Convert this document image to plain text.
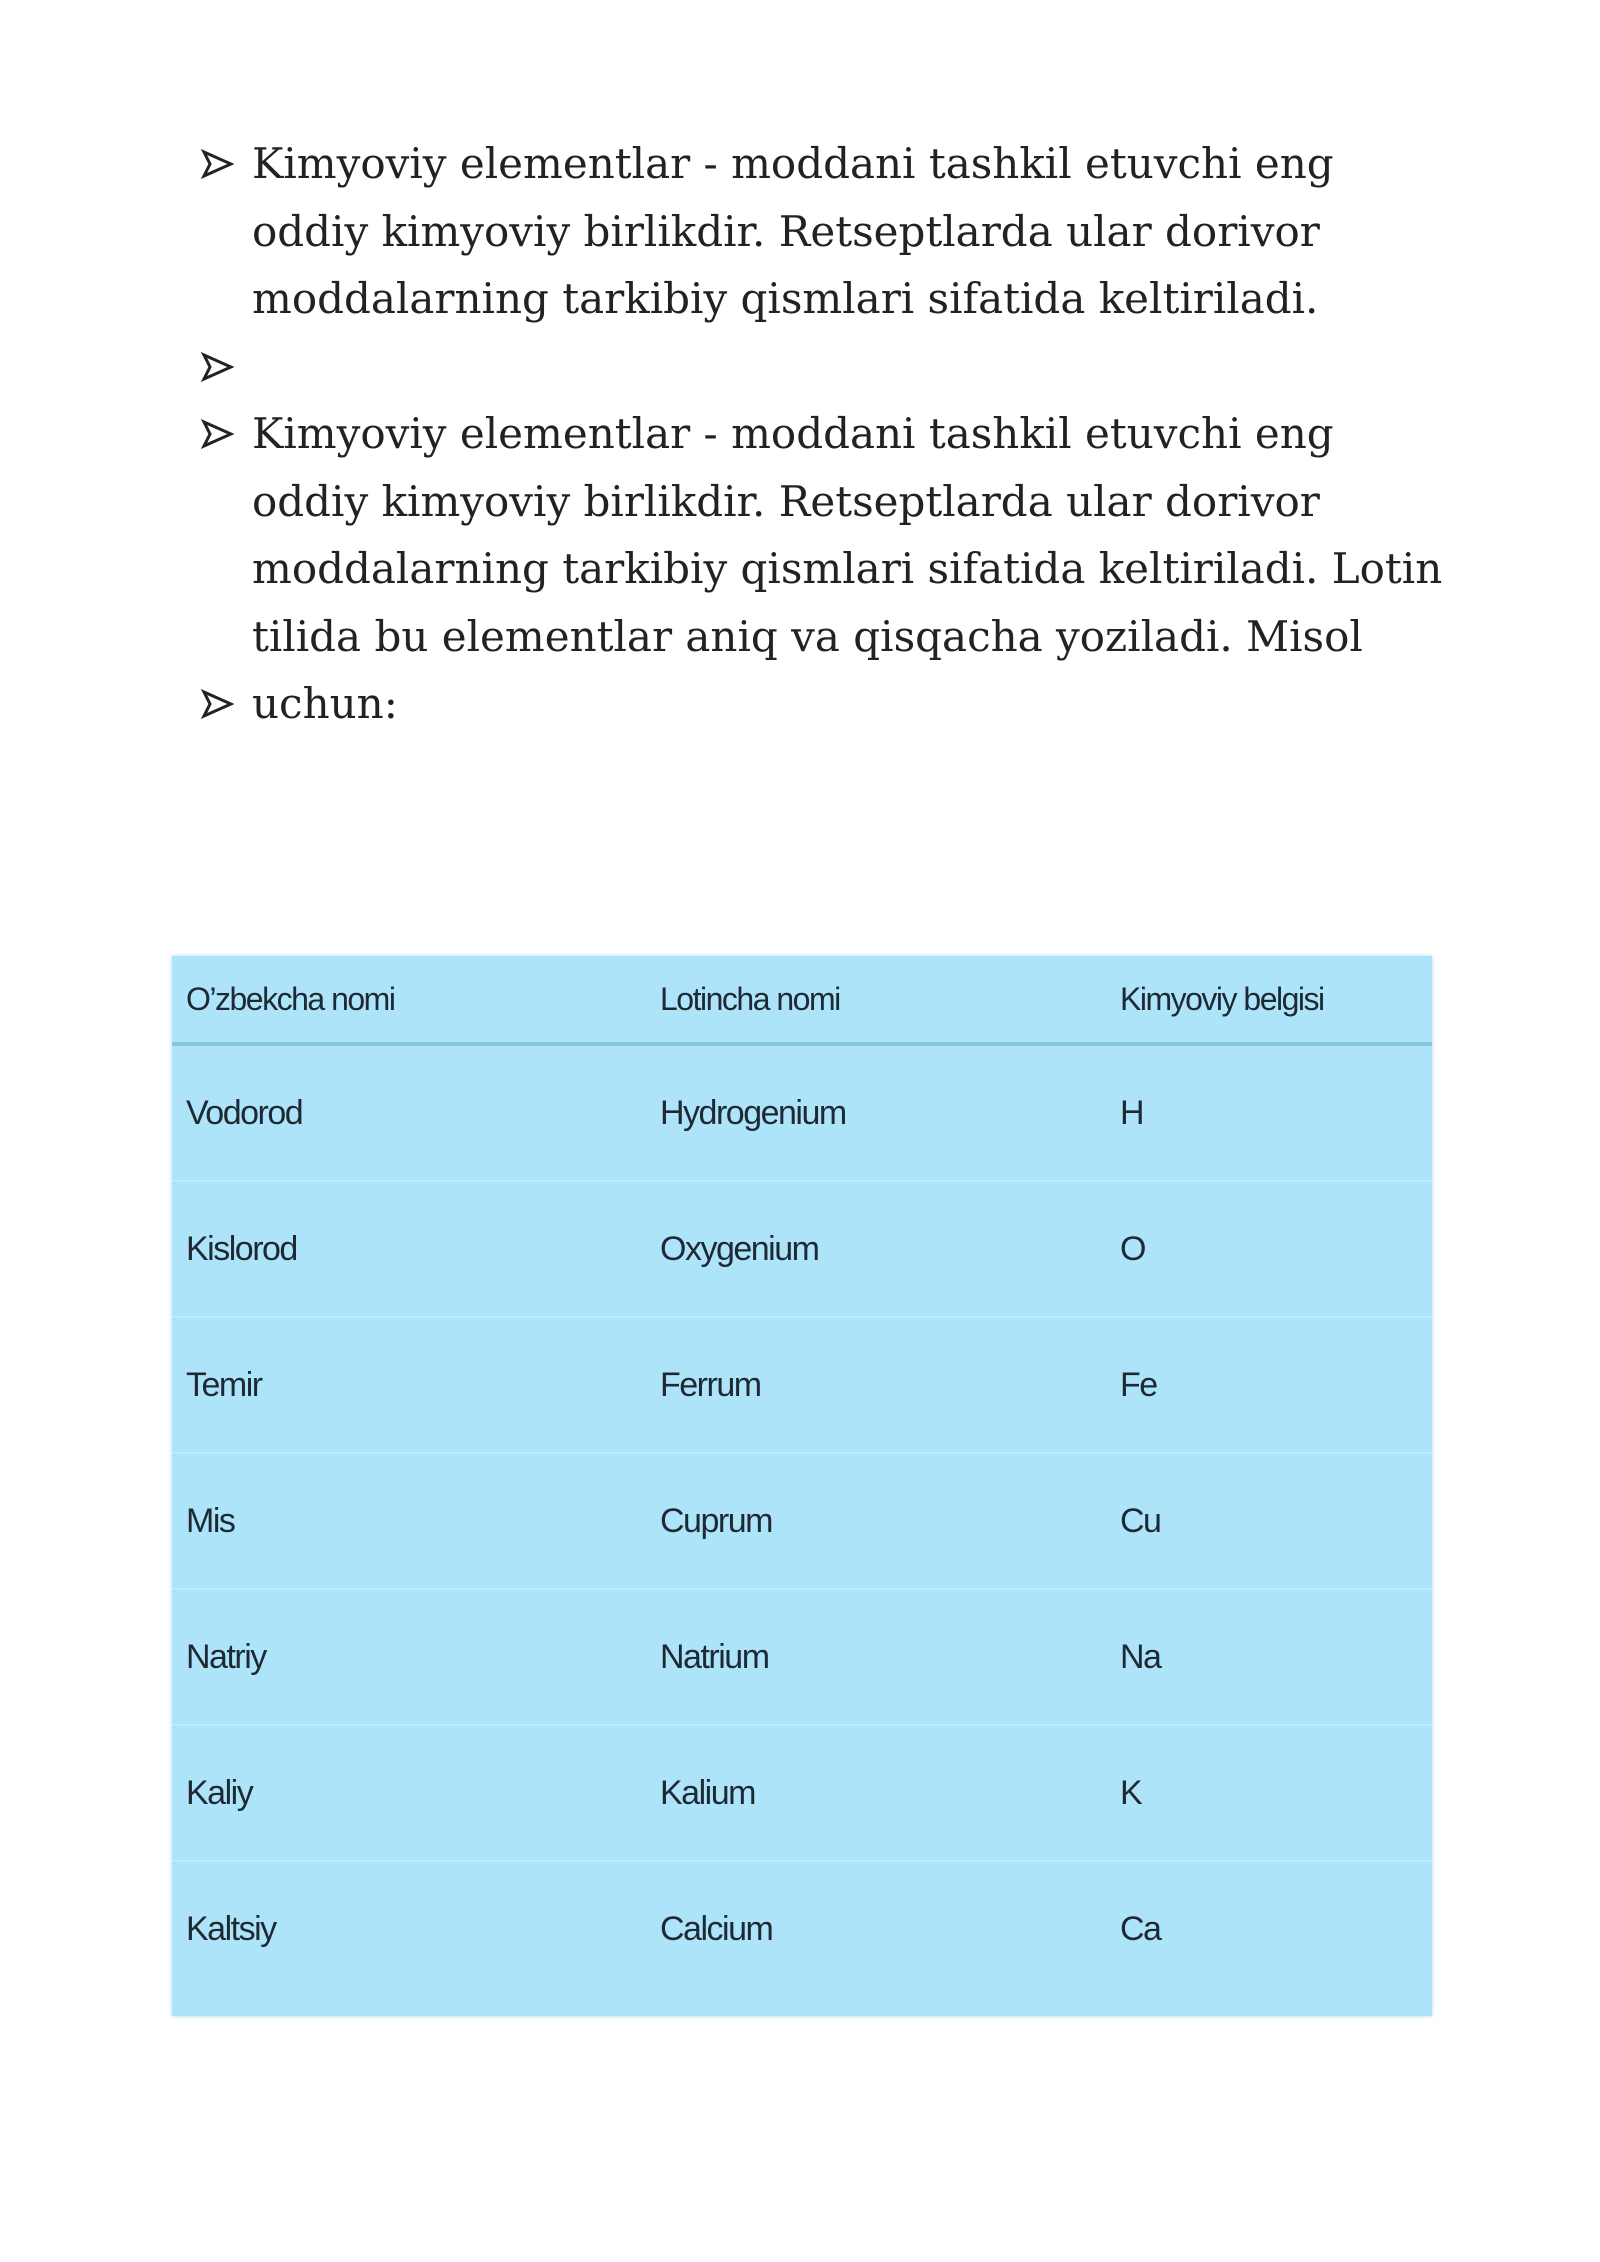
Kimyoviy elementlar - moddani tashkil etuvchi eng oddiy kimyoviy birlikdir. Retseptlarda ular dorivor moddalarning tarkibiy qismlari sifatida keltiriladi.
Kimyoviy elementlar - moddani tashkil etuvchi eng oddiy kimyoviy birlikdir. Retseptlarda ular dorivor moddalarning tarkibiy qismlari sifatida keltiriladi. Lotin tilida bu elementlar aniq va qisqacha yoziladi. Misol
uchun:
O’zbekcha nomi	Lotincha nomi	Kimyoviy belgisi
Vodorod	Hydrogenium	H
Kislorod	Oxygenium	O
Temir	Ferrum	Fe
Mis	Cuprum	Cu
Natriy	Natrium	Na
Kaliy	Kalium	K
Kaltsiy	Calcium	Ca
